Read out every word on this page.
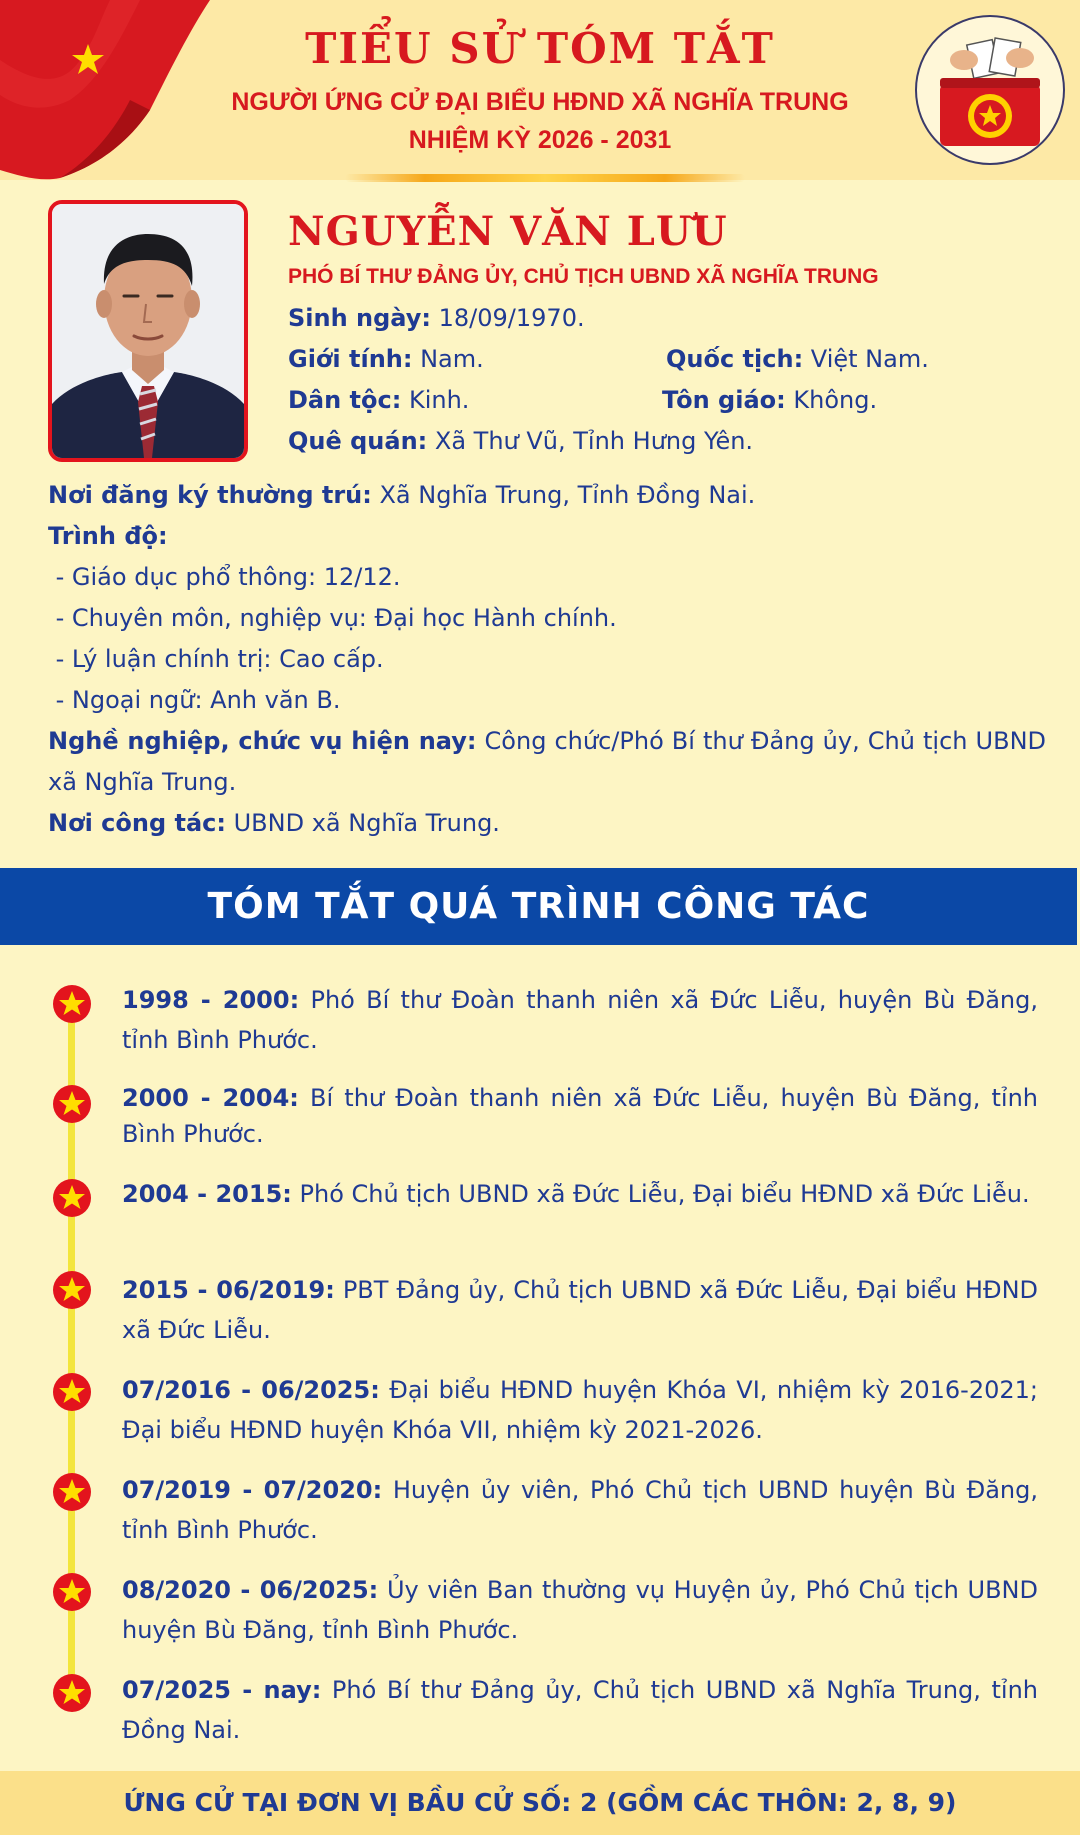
TIỂU SỬ TÓM TẮT
NGƯỜI ỨNG CỬ ĐẠI BIỂU HĐND XÃ NGHĨA TRUNG
NHIỆM KỲ 2026 - 2031
NGUYỄN VĂN LƯU
PHÓ BÍ THƯ ĐẢNG ỦY, CHỦ TỊCH UBND XÃ NGHĨA TRUNG
Sinh ngày: 18/09/1970.
Giới tính: Nam.	Quốc tịch: Việt Nam.
Dân tộc: Kinh.	Tôn giáo: Không.
Quê quán: Xã Thư Vũ, Tỉnh Hưng Yên.

Nơi đăng ký thường trú: Xã Nghĩa Trung, Tỉnh Đồng Nai.

Trình độ:

- Giáo dục phổ thông: 12/12.

- Chuyên môn, nghiệp vụ: Đại học Hành chính.

- Lý luận chính trị: Cao cấp.

- Ngoại ngữ: Anh văn B.

Nghề nghiệp, chức vụ hiện nay: Công chức/Phó Bí thư Đảng ủy, Chủ tịch UBND xã Nghĩa Trung.

Nơi công tác: UBND xã Nghĩa Trung.

TÓM TẮT QUÁ TRÌNH CÔNG TÁC
1998 - 2000: Phó Bí thư Đoàn thanh niên xã Đức Liễu, huyện Bù Đăng, tỉnh Bình Phước.
2000 - 2004: Bí thư Đoàn thanh niên xã Đức Liễu, huyện Bù Đăng, tỉnh Bình Phước.
2004 - 2015: Phó Chủ tịch UBND xã Đức Liễu, Đại biểu HĐND xã Đức Liễu.
2015 - 06/2019: PBT Đảng ủy, Chủ tịch UBND xã Đức Liễu, Đại biểu HĐND xã Đức Liễu.
07/2016 - 06/2025: Đại biểu HĐND huyện Khóa VI, nhiệm kỳ 2016-2021; Đại biểu HĐND huyện Khóa VII, nhiệm kỳ 2021-2026.
07/2019 - 07/2020: Huyện ủy viên, Phó Chủ tịch UBND huyện Bù Đăng, tỉnh Bình Phước.
08/2020 - 06/2025: Ủy viên Ban thường vụ Huyện ủy, Phó Chủ tịch UBND huyện Bù Đăng, tỉnh Bình Phước.
07/2025 - nay: Phó Bí thư Đảng ủy, Chủ tịch UBND xã Nghĩa Trung, tỉnh Đồng Nai.
ỨNG CỬ TẠI ĐƠN VỊ BẦU CỬ SỐ: 2 (GỒM CÁC THÔN: 2, 8, 9)
